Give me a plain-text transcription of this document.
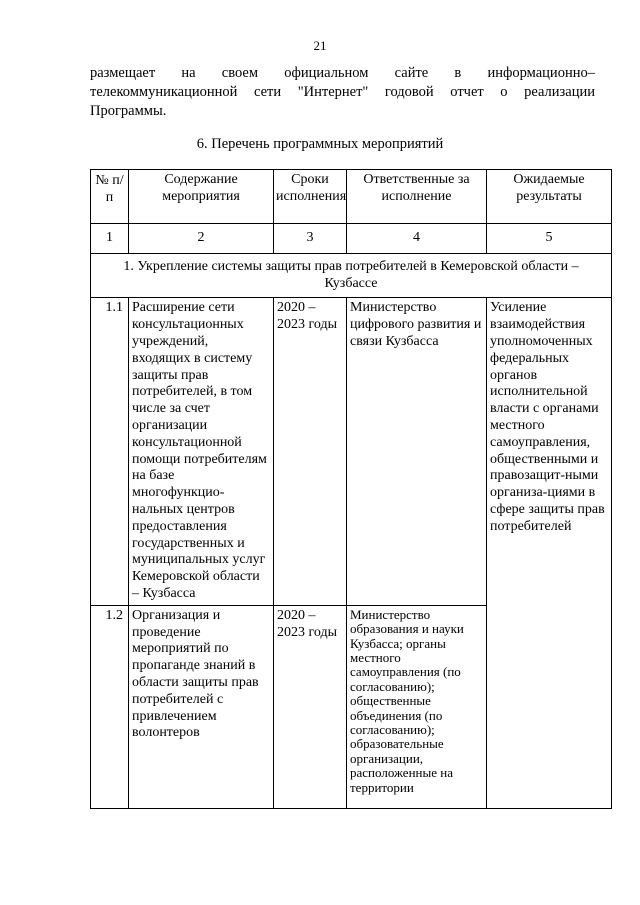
21
размещает на своем официальном сайте в информационно–
телекоммуникационной сети "Интернет" годовой отчет о реализации
Программы.
6. Перечень программных мероприятий
№ п/п	Содержание мероприятия	Сроки исполнения	Ответственные за исполнение	Ожидаемые результаты
1	2	3	4	5
1. Укрепление системы защиты прав потребителей в Кемеровской области – Кузбассе				
1.1	Расширение сети консультационных учреждений, входящих в систему защиты прав потребителей, в том числе за счет организации консультационной помощи потребителям на базе многофункцио-нальных центров предоставления государственных и муниципальных услуг Кемеровской области – Кузбасса	2020 – 2023 годы	Министерство цифрового развития и связи Кузбасса	Усиление взаимодействия уполномоченных федеральных органов исполнительной власти с органами местного самоуправления, общественными и правозащит-ными организа-циями в сфере защиты прав потребителей
1.2	Организация и проведение мероприятий по пропаганде знаний в области защиты прав потребителей с привлечением волонтеров	2020 – 2023 годы	Министерство образования и науки Кузбасса; органы местного самоуправления (по согласованию); общественные объединения (по согласованию); образовательные организации, расположенные на территории	
